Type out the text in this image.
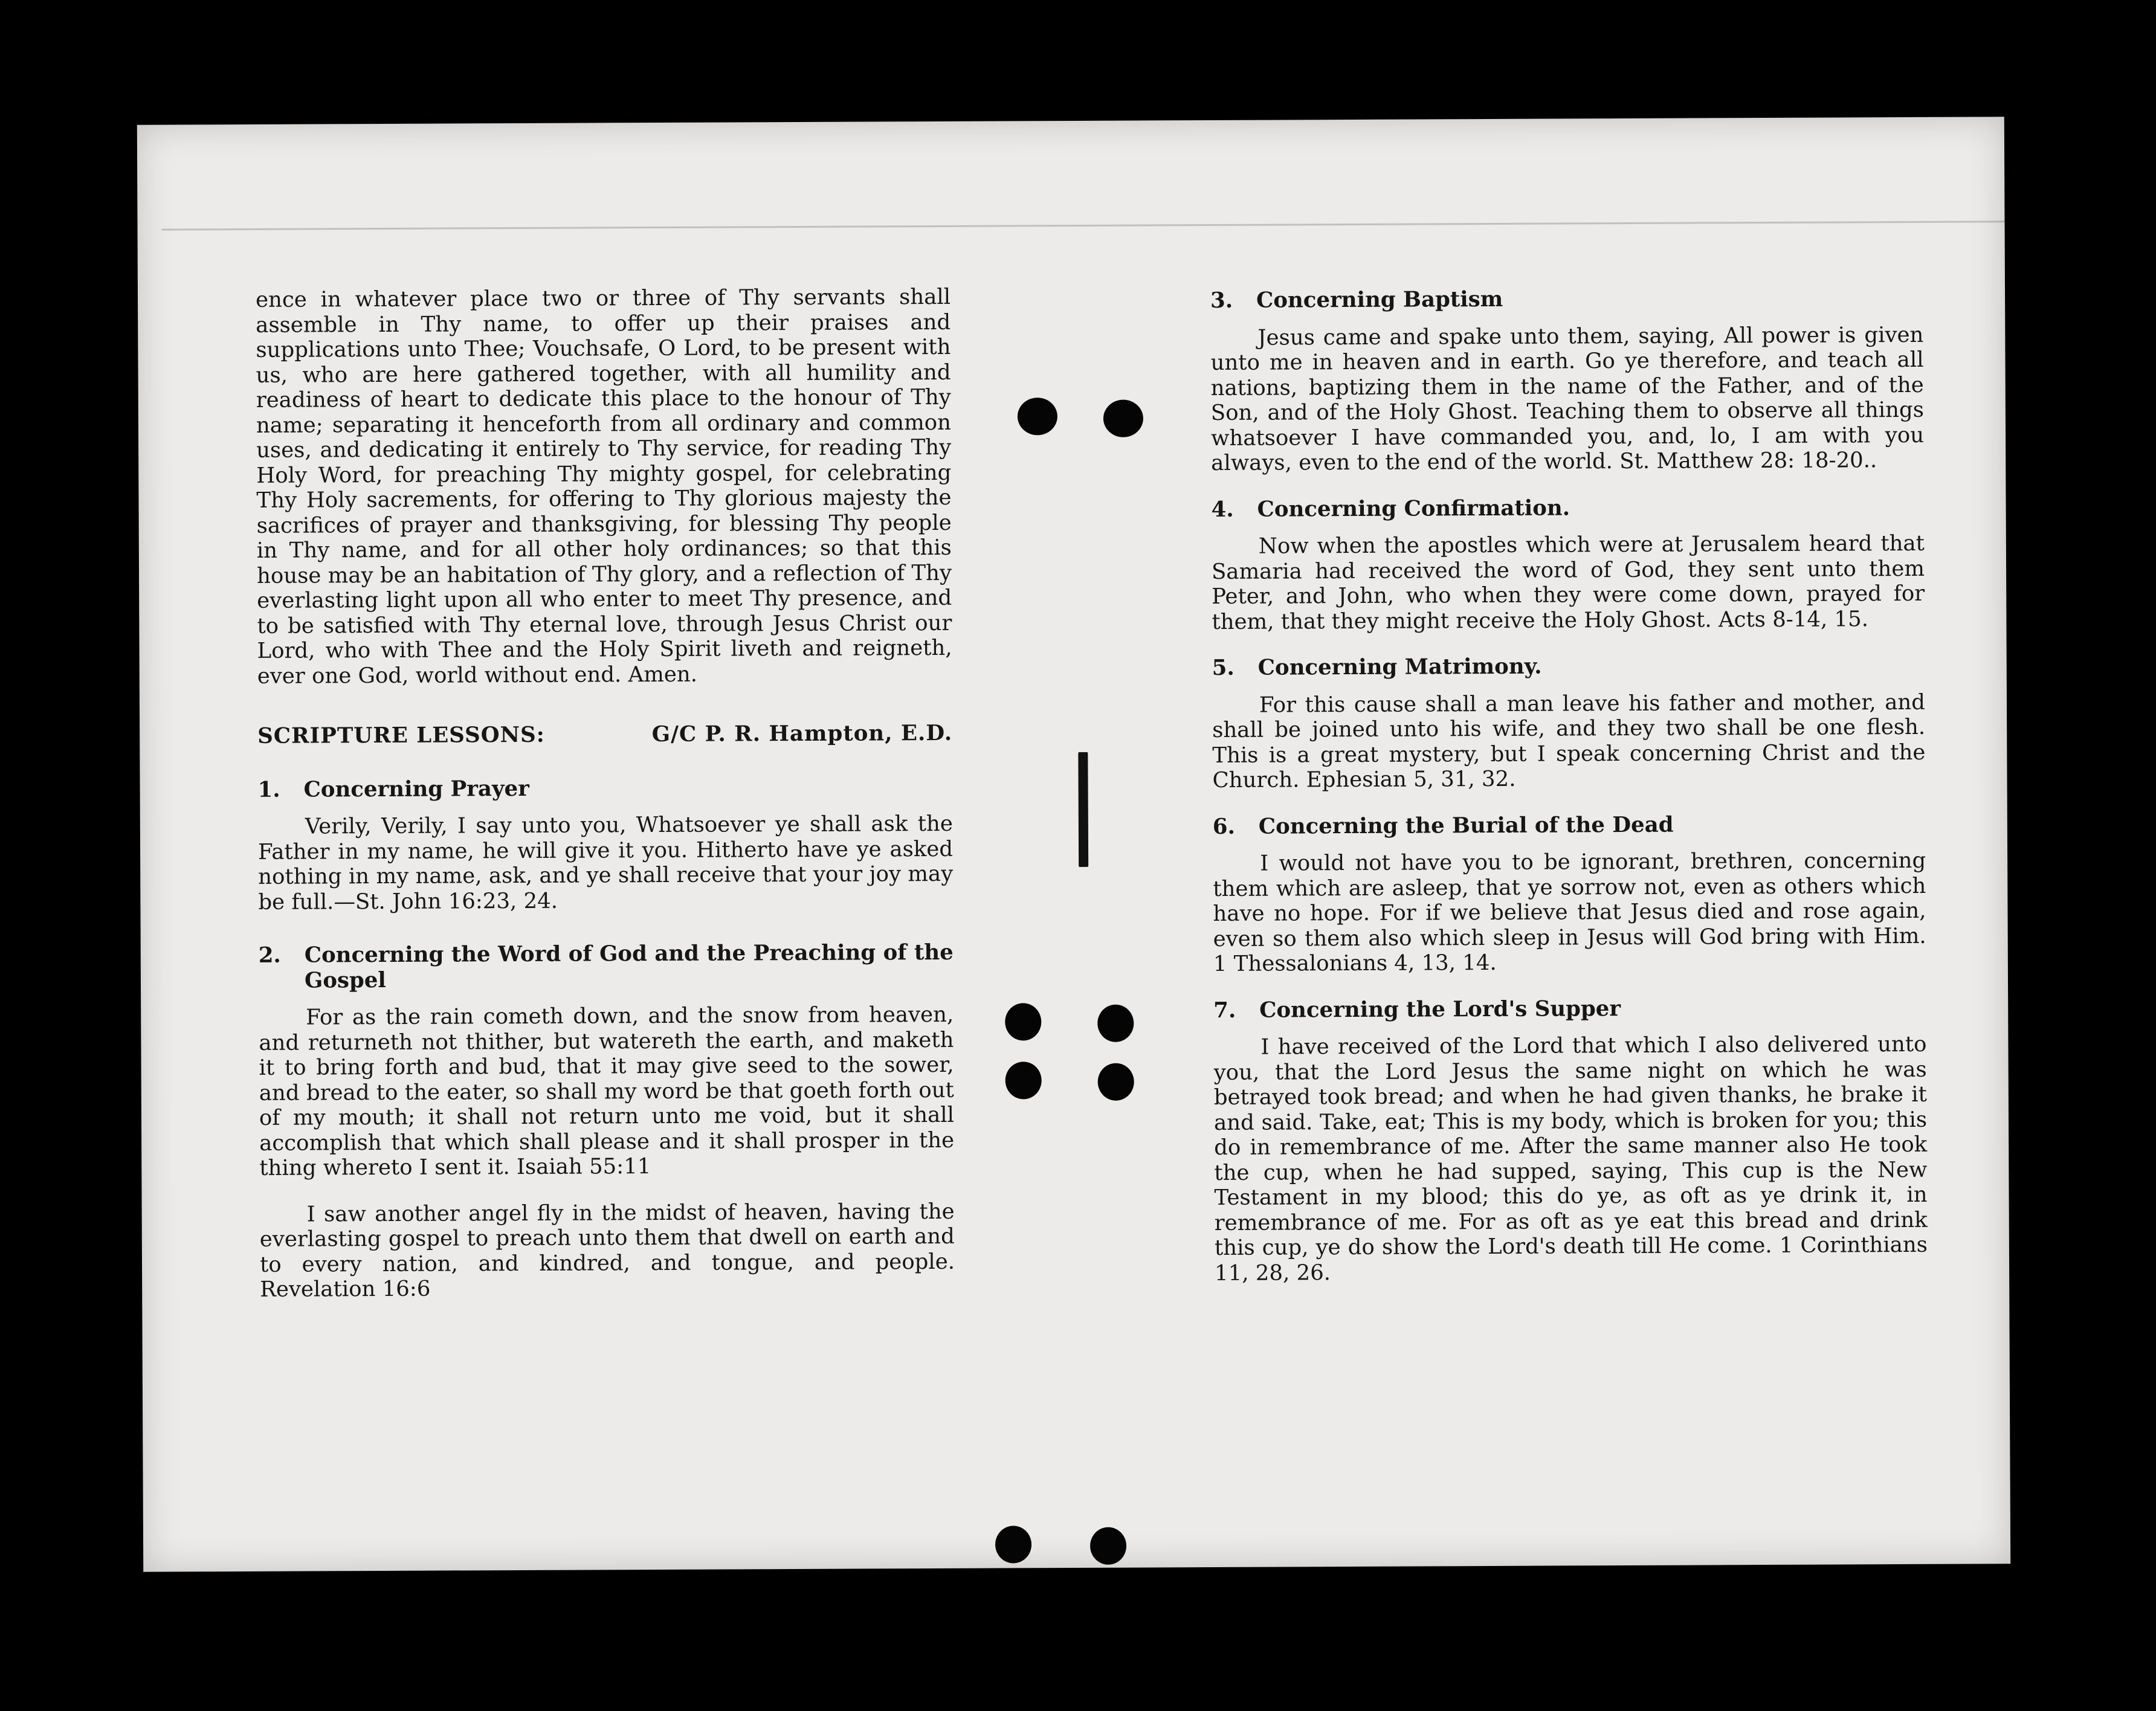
ence in whatever place two or three of Thy servants shall assemble in Thy name, to offer up their praises and supplications unto Thee; Vouchsafe, O Lord, to be present with us, who are here gathered together, with all humility and readiness of heart to dedicate this place to the honour of Thy name; separating it henceforth from all ordinary and common uses, and dedicating it entirely to Thy service, for reading Thy Holy Word, for preaching Thy mighty gospel, for celebrating Thy Holy sacrements, for offering to Thy glorious majesty the sacrifices of prayer and thanksgiving, for blessing Thy people in Thy name, and for all other holy ordinances; so that this house may be an habitation of Thy glory, and a reflection of Thy everlasting light upon all who enter to meet Thy presence, and to be satisfied with Thy eternal love, through Jesus Christ our Lord, who with Thee and the Holy Spirit liveth and reigneth, ever one God, world without end. Amen.

SCRIPTURE LESSONS:	G/C P. R. Hampton, E.D.
1.	Concerning Prayer

Verily, Verily, I say unto you, Whatsoever ye shall ask the Father in my name, he will give it you. Hitherto have ye asked nothing in my name, ask, and ye shall receive that your joy may be full.—St. John 16:23, 24.

2.	Concerning the Word of God and the Preaching of the Gospel

For as the rain cometh down, and the snow from heaven, and returneth not thither, but watereth the earth, and maketh it to bring forth and bud, that it may give seed to the sower, and bread to the eater, so shall my word be that goeth forth out of my mouth; it shall not return unto me void, but it shall accomplish that which shall please and it shall prosper in the thing whereto I sent it. Isaiah 55:11

I saw another angel fly in the midst of heaven, having the everlasting gospel to preach unto them that dwell on earth and to every nation, and kindred, and tongue, and people. Revelation 16:6

3.	Concerning Baptism

Jesus came and spake unto them, saying, All power is given unto me in heaven and in earth. Go ye therefore, and teach all nations, baptizing them in the name of the Father, and of the Son, and of the Holy Ghost. Teaching them to observe all things whatsoever I have commanded you, and, lo, I am with you always, even to the end of the world. St. Matthew 28: 18-20..

4.	Concerning Confirmation.

Now when the apostles which were at Jerusalem heard that Samaria had received the word of God, they sent unto them Peter, and John, who when they were come down, prayed for them, that they might receive the Holy Ghost. Acts 8-14, 15.

5.	Concerning Matrimony.

For this cause shall a man leave his father and mother, and shall be joined unto his wife, and they two shall be one flesh. This is a great mystery, but I speak concerning Christ and the Church. Ephesian 5, 31, 32.

6.	Concerning the Burial of the Dead

I would not have you to be ignorant, brethren, concerning them which are asleep, that ye sorrow not, even as others which have no hope. For if we believe that Jesus died and rose again, even so them also which sleep in Jesus will God bring with Him. 1 Thessalonians 4, 13, 14.

7.	Concerning the Lord's Supper

I have received of the Lord that which I also delivered unto you, that the Lord Jesus the same night on which he was betrayed took bread; and when he had given thanks, he brake it and said. Take, eat; This is my body, which is broken for you; this do in remembrance of me. After the same manner also He took the cup, when he had supped, saying, This cup is the New Testament in my blood; this do ye, as oft as ye drink it, in remembrance of me. For as oft as ye eat this bread and drink this cup, ye do show the Lord's death till He come. 1 Corinthians 11, 28, 26.
